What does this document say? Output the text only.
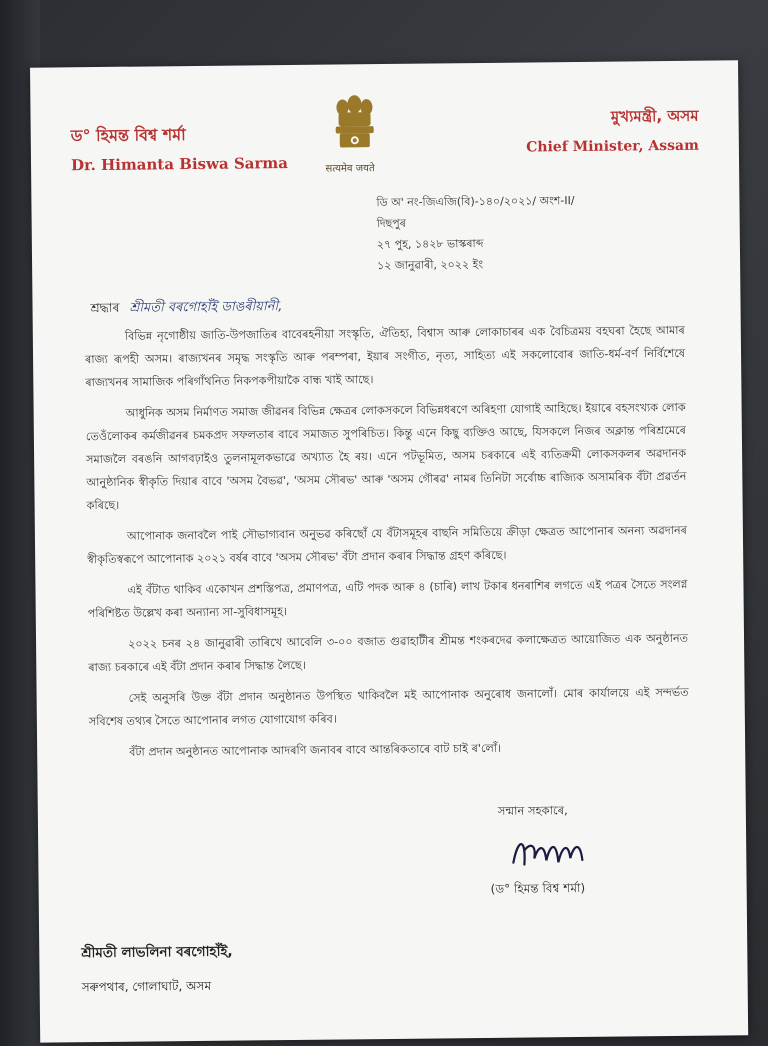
ড° হিমন্ত বিশ্ব শৰ্মা
Dr. Himanta Biswa Sarma	सत्यमेव जयते
মুখ্যমন্ত্ৰী, অসম
Chief Minister, Assam
ডি অ' নং-জিএজি(বি)-১৪০/২০২১/ অংশ-II/
দিছপুৰ
২৭ পুহ, ১৪২৮ ভাস্কৰাব্দ
১২ জানুৱাৰী, ২০২২ ইং
শ্ৰদ্ধাৰ শ্ৰীমতী বৰগোহাঁই ডাঙৰীয়ানী,

বিভিন্ন নৃগোষ্ঠীয় জাতি-উপজাতিৰ বাবেৰহনীয়া সংস্কৃতি, ঐতিহ্য, বিশ্বাস আৰু লোকাচাৰৰ এক বৈচিত্ৰময় বহঘৰা হৈছে আমাৰ ৰাজ্য ৰূপহী অসম। ৰাজ্যখনৰ সমৃদ্ধ সংস্কৃতি আৰু পৰম্পৰা, ইয়াৰ সংগীত, নৃত্য, সাহিত্য এই সকলোবোৰ জাতি-ধৰ্ম-বৰ্ণ নিৰ্বিশেষে ৰাজ্যখনৰ সামাজিক পৰিগাঁথনিত নিকপকপীয়াকৈ বান্ধ খাই আছে।

আধুনিক অসম নিৰ্মাণত সমাজ জীৱনৰ বিভিন্ন ক্ষেত্ৰৰ লোকসকলে বিভিন্নধৰণে অৰিহণা যোগাই আহিছে। ইয়াৰে বহসংখ্যক লোক তেওঁলোকৰ কৰ্মজীৱনৰ চমকপ্ৰদ সফলতাৰ বাবে সমাজত সুপৰিচিত। কিন্তু এনে কিছু ব্যক্তিও আছে, যিসকলে নিজৰ অক্লান্ত পৰিশ্ৰমেৰে সমাজলৈ বৰঙনি আগবঢ়াইও তুলনামূলকভাৱে অখ্যাত হৈ ৰয়। এনে পটভূমিত, অসম চৰকাৰে এই ব্যতিক্ৰমী লোকসকলৰ অৱদানক আনুষ্ঠানিক স্বীকৃতি দিয়াৰ বাবে 'অসম বৈভৱ', 'অসম সৌৰভ' আৰু 'অসম গৌৰৱ' নামৰ তিনিটা সৰ্বোচ্চ ৰাজ্যিক অসামৰিক বঁটা প্ৰৱৰ্তন কৰিছে।

আপোনাক জনাবলৈ পাই সৌভাগ্যবান অনুভৱ কৰিছোঁ যে বঁটাসমূহৰ বাছনি সমিতিয়ে ক্ৰীড়া ক্ষেত্ৰত আপোনাৰ অনন্য অৱদানৰ স্বীকৃতিস্বৰূপে আপোনাক ২০২১ বৰ্ষৰ বাবে 'অসম সৌৰভ' বঁটা প্ৰদান কৰাৰ সিদ্ধান্ত গ্ৰহণ কৰিছে।

এই বঁটাত থাকিব একোখন প্ৰশস্তিপত্ৰ, প্ৰমাণপত্ৰ, এটি পদক আৰু ৪ (চাৰি) লাখ টকাৰ ধনৰাশিৰ লগতে এই পত্ৰৰ সৈতে সংলগ্ন পৰিশিষ্টত উল্লেখ কৰা অন্যান্য সা-সুবিধাসমূহ।

২০২২ চনৰ ২৪ জানুৱাৰী তাৰিখে আবেলি ৩-০০ বজাত গুৱাহাটীৰ শ্ৰীমন্ত শংকৰদেৱ কলাক্ষেত্ৰত আয়োজিত এক অনুষ্ঠানত ৰাজ্য চৰকাৰে এই বঁটা প্ৰদান কৰাৰ সিদ্ধান্ত লৈছে।

সেই অনুসৰি উক্ত বঁটা প্ৰদান অনুষ্ঠানত উপস্থিত থাকিবলৈ মই আপোনাক অনুৰোধ জনালোঁ। মোৰ কাৰ্যালয়ে এই সন্দৰ্ভত সবিশেষ তথ্যৰ সৈতে আপোনাৰ লগত যোগাযোগ কৰিব।

বঁটা প্ৰদান অনুষ্ঠানত আপোনাক আদৰণি জনাবৰ বাবে আন্তৰিকতাৰে বাট চাই ৰ'লোঁ।

সন্মান সহকাৰে,
(ড° হিমন্ত বিশ্ব শৰ্মা)
শ্ৰীমতী লাভলিনা বৰগোহাঁই,
সৰুপথাৰ, গোলাঘাট, অসম
